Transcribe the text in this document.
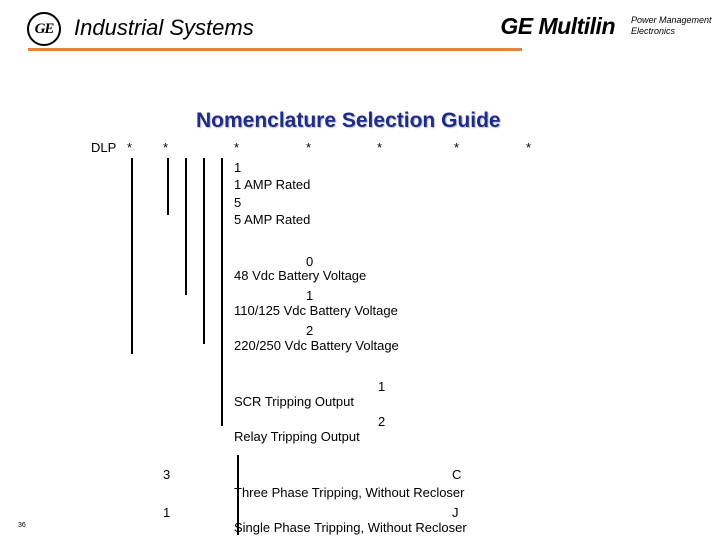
GE Industrial Systems	GE Multilin Power Management
Electronics
Nomenclature Selection Guide
DLP * *	*	*	*	*	*
1
1 AMP Rated
5
5 AMP Rated
0
48 Vdc Battery Voltage
1
110/125 Vdc Battery Voltage
2
220/250 Vdc Battery Voltage
1
SCR Tripping Output
2
Relay Tripping Output
3	C
Three Phase Tripping, Without Recloser
1	J
Single Phase Tripping, Without Recloser
36
